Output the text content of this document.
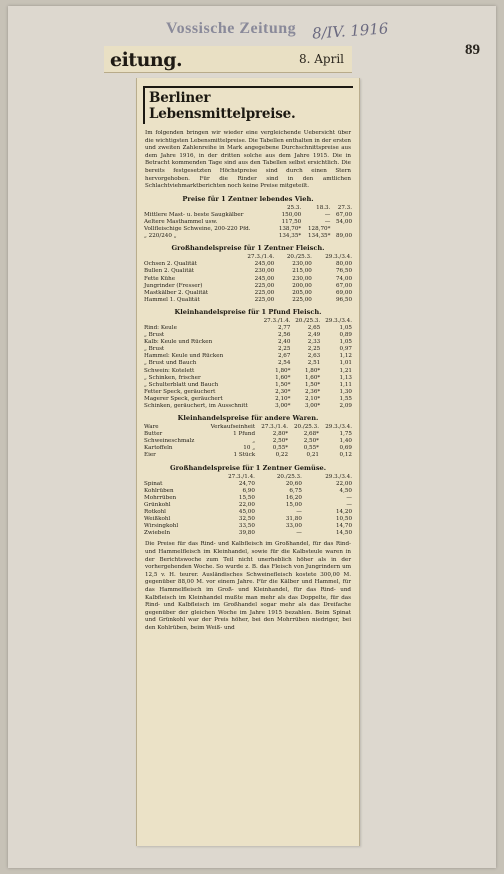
Vossische Zeitung 8/IV. 1916
89
eitung.	8. April
Berliner Lebensmittelpreise.
Im folgenden bringen wir wieder eine vergleichende Uebersicht über die wichtigsten Lebensmittelpreise. Die Tabellen enthalten in der ersten und zweiten Zahlenreihe in Mark angegebene Durchschnittspreise aus dem Jahre 1916, in der dritten solche aus dem Jahre 1915. Die in Betracht kommenden Tage sind aus den Tabellen selbst ersichtlich. Die bereits festgesetzten Höchstpreise sind durch einen Stern hervorgehoben. Für die Rinder sind in den amtlichen Schlachtviehmarktberichten noch keine Preise mitgeteilt.
Preise für 1 Zentner lebendes Vieh.
	25.3.	18.3.	27.3.
Mittlere Mast- u. beste Saugkälber	150,00	—	67,00
Aeltere Masthammel usw.	117,50	—	54,00
Vollfleischige Schweine, 200-220 Pfd.	138,70*	128,70*	
„ 220/240 „	134,35*	134,35*	89,00
Großhandelspreise für 1 Zentner Fleisch.
	27.3./1.4.	20./25.3.	29.3./3.4.
Ochsen 2. Qualität	245,00	230,00	80,00
Bullen 2. Qualität	230,00	215,00	76,50
Fette Kühe	245,00	230,00	74,00
Jungrinder (Fresser)	225,00	200,00	67,00
Mastkälber 2. Qualität	225,00	205,00	69,00
Hammel 1. Qualität	225,00	225,00	96,50
Kleinhandelspreise für 1 Pfund Fleisch.
	27.3./1.4.	20./25.3.	29.3./3.4.
Rind: Keule	2,77	2,65	1,05
„ Brust	2,56	2,49	0,89
Kalb: Keule und Rücken	2,40	2,33	1,05
„ Brust	2,25	2,25	0,97
Hammel: Keule und Rücken	2,67	2,63	1,12
„ Brust und Bauch	2,54	2,51	1,01
Schwein: Kotelett	1,80*	1,80*	1,21
„ Schinken, frischer	1,60*	1,60*	1,13
„ Schulterblatt und Bauch	1,50*	1,50*	1,11
Fetter Speck, geräuchert	2,30*	2,36*	1,30
Magerer Speck, geräuchert	2,10*	2,10*	1,55
Schinken, geräuchert, im Ausschnitt	3,00*	3,00*	2,09
Kleinhandelspreise für andere Waren.
Ware	Verkaufseinheit	27.3./1.4.	20./25.3.	29.3./3.4.
Butter	1 Pfund	2,80*	2,68*	1,75
Schweineschmalz	„	2,50*	2,50*	1,40
Kartoffeln	10 „	0,55*	0,55*	0,69
Eier	1 Stück	0,22	0,21	0,12
Großhandelspreise für 1 Zentner Gemüse.
	27.3./1.4.	20./25.3.	29.3./3.4.
Spinat	24,70	20,60	22,00
Kohlrüben	6,90	6,75	4,50
Mohrrüben	15,50	16,20	—
Grünkohl	22,00	15,00	—
Rotkohl	45,00	—	14,20
Weißkohl	32,50	31,80	10,50
Wirsingkohl	33,50	33,00	14,70
Zwiebeln	39,80	—	14,50
Die Preise für das Rind- und Kalbfleisch im Großhandel, für das Rind- und Hammelfleisch im Kleinhandel, sowie für die Kalbsteule waren in der Berichtswoche zum Teil nicht unerheblich höher als in der vorhergehenden Woche. So wurde z. B. das Fleisch von Jungrindern um 12,5 v. H. teurer. Ausländisches Schweinefleisch kostete 300,00 M. gegenüber 88,00 M. vor einem Jahre. Für die Kälber und Hammel, für das Hammelfleisch im Groß- und Kleinhandel, für das Rind- und Kalbfleisch im Kleinhandel mußte man mehr als das Doppelte, für das Rind- und Kalbfleisch im Großhandel sogar mehr als das Dreifache gegenüber der gleichen Woche im Jahre 1915 bezahlen. Beim Spinat und Grünkohl war der Preis höher, bei den Mohrrüben niedriger, bei den Kohlrüben, beim Weiß- und
